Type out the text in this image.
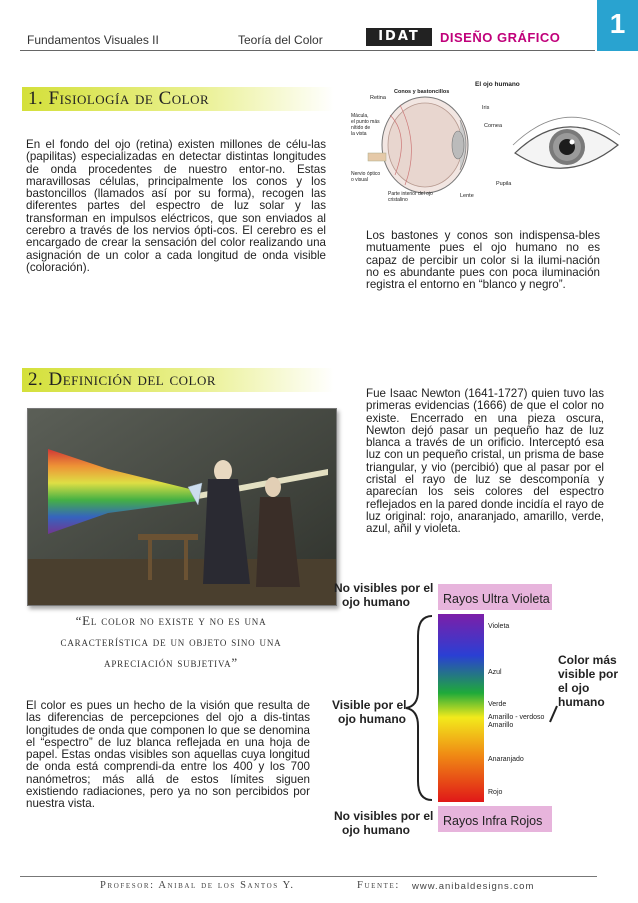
Fundamentos Visuales II	Teoría del Color	IDAT	DISEÑO GRÁFICO	1
1. Fisiología de Color
En el fondo del ojo (retina) existen millones de célu-las (papilitas) especializadas en detectar distintas longitudes de onda procedentes de nuestro entor-no. Estas maravillosas células, principalmente los conos y los bastoncillos (llamados así por su forma), recogen las diferentes partes del espectro de luz solar y las transforman en impulsos eléctricos, que son enviados al cerebro a través de los nervios ópti-cos. El cerebro es el encargado de crear la sensación del color realizando una asignación de un color a cada longitud de onda visible (coloración).
El ojo humano
Retina
Conos y bastoncillos
Mácula, el punto más nítido de la vista
Nervio óptico o visual
Parte interior del ojo cristalino
Iris
Cornea
Pupila
Lente
Los bastones y conos son indispensa-bles mutuamente pues el ojo humano no es capaz de percibir un color si la ilumi-nación no es abundante pues con poca iluminación registra el entorno en “blanco y negro”.
2. Definición del color
“El color no existe y no es una característica de un objeto sino una apreciación subjetiva”
Fue Isaac Newton (1641-1727) quien tuvo las primeras evidencias (1666) de que el color no existe. Encerrado en una pieza oscura, Newton dejó pasar un pequeño haz de luz blanca a través de un orificio. Interceptó esa luz con un pequeño cristal, un prisma de base triangular, y vio (percibió) que al pasar por el cristal el rayo de luz se descomponía y aparecían los seis colores del espectro reflejados en la pared donde incidía el rayo de luz original: rojo, anaranjado, amarillo, verde, azul, añil y violeta.
El color es pues un hecho de la visión que resulta de las diferencias de percepciones del ojo a dis-tintas longitudes de onda que componen lo que se denomina el “espectro” de luz blanca reflejada en una hoja de papel. Estas ondas visibles son aquellas cuya longitud de onda está comprendi-da entre los 400 y los 700 nanómetros; más allá de estos límites siguen existiendo radiaciones, pero ya no son percibidos por nuestra vista.
No visibles por el ojo humano	Rayos Ultra Violeta
Violeta
Azul
Verde
Amarillo - verdoso
Amarillo
Anaranjado
Rojo
Visible por el ojo humano
Color más visible por el ojo humano
Rayos Infra Rojos
No visibles por el ojo humano
Profesor: Anibal de los Santos Y.	Fuente: www.anibaldesigns.com
